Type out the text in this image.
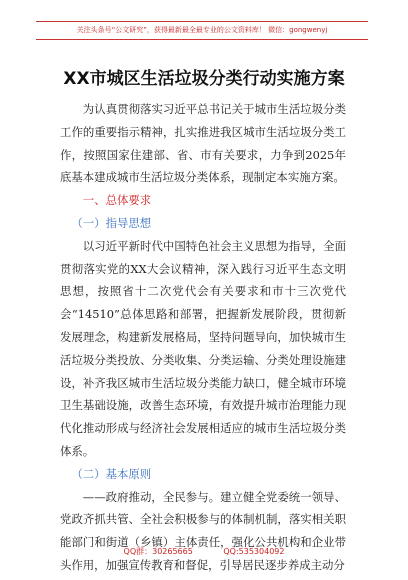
关注头条号“公文研究”，获得最新最全最专业的公文资料库！ 微信：gongwenyj
XX市城区生活垃圾分类行动实施方案

为认真贯彻落实习近平总书记关于城市生活垃圾分类工作的重要指示精神，扎实推进我区城市生活垃圾分类工作，按照国家住建部、省、市有关要求，力争到2025年底基本建成城市生活垃圾分类体系，现制定本实施方案。

一、总体要求

（一）指导思想

以习近平新时代中国特色社会主义思想为指导，全面贯彻落实党的XX大会议精神，深入践行习近平生态文明思想，按照省十二次党代会有关要求和市十三次党代会“14510”总体思路和部署，把握新发展阶段，贯彻新发展理念，构建新发展格局，坚持问题导向，加快城市生活垃圾分类投放、分类收集、分类运输、分类处理设施建设，补齐我区城市生活垃圾分类能力缺口，健全城市环境卫生基础设施，改善生态环境，有效提升城市治理能力现代化推动形成与经济社会发展相适应的城市生活垃圾分类体系。

（二）基本原则

——政府推动，全民参与。建立健全党委统一领导、党政齐抓共管、全社会积极参与的体制机制，落实相关职能部门和街道（乡镇）主体责任，强化公共机构和企业带头作用，加强宣传教育和督促，引导居民逐步养成主动分

QQ群：30265665	QQ:535304092
